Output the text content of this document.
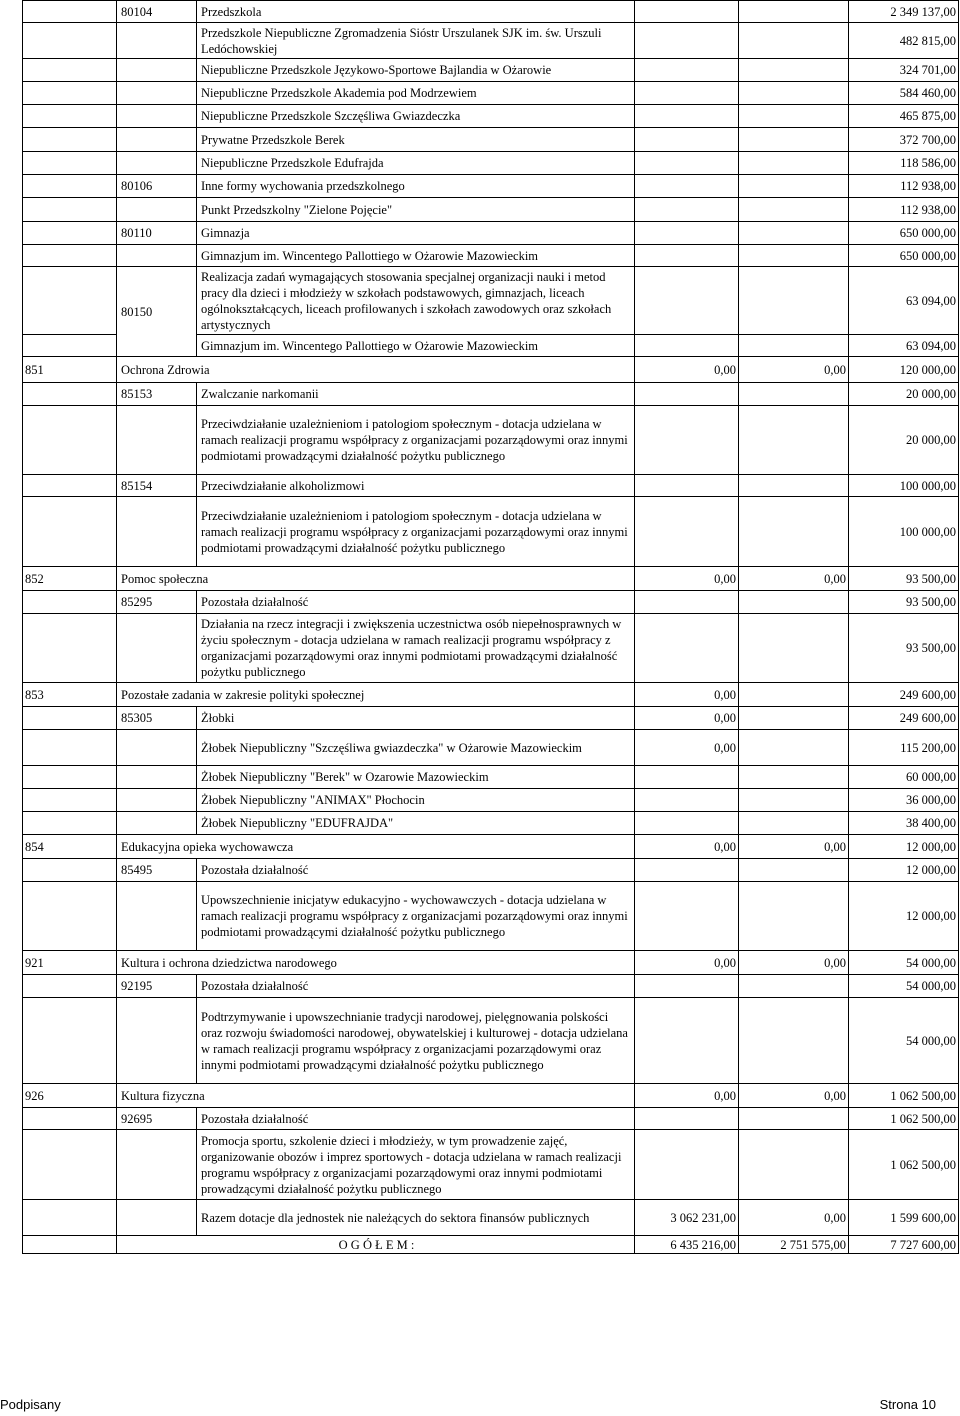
	80104	Przedszkola			2 349 137,00
		Przedszkole Niepubliczne Zgromadzenia Sióstr Urszulanek SJK im. św. Urszuli Ledóchowskiej			482 815,00
		Niepubliczne Przedszkole Językowo-Sportowe Bajlandia w Ożarowie			324 701,00
		Niepubliczne Przedszkole Akademia pod Modrzewiem			584 460,00
		Niepubliczne Przedszkole Szczęśliwa Gwiazdeczka			465 875,00
		Prywatne Przedszkole Berek			372 700,00
		Niepubliczne Przedszkole Edufrajda			118 586,00
	80106	Inne formy wychowania przedszkolnego			112 938,00
		Punkt Przedszkolny "Zielone Pojęcie"			112 938,00
	80110	Gimnazja			650 000,00
		Gimnazjum im. Wincentego Pallottiego w Ożarowie Mazowieckim			650 000,00
	80150	Realizacja zadań wymagających stosowania specjalnej organizacji nauki i metod pracy dla dzieci i młodzieży w szkołach podstawowych, gimnazjach, liceach ogólnokształcących, liceach profilowanych i szkołach zawodowych oraz szkołach artystycznych			63 094,00
		Gimnazjum im. Wincentego Pallottiego w Ożarowie Mazowieckim			63 094,00
851	Ochrona Zdrowia		0,00	0,00	120 000,00
	85153	Zwalczanie narkomanii			20 000,00
		Przeciwdziałanie uzależnieniom i patologiom społecznym - dotacja udzielana w ramach realizacji programu współpracy z organizacjami pozarządowymi oraz innymi podmiotami prowadzącymi działalność pożytku publicznego			20 000,00
	85154	Przeciwdziałanie alkoholizmowi			100 000,00
		Przeciwdziałanie uzależnieniom i patologiom społecznym - dotacja udzielana w ramach realizacji programu współpracy z organizacjami pozarządowymi oraz innymi podmiotami prowadzącymi działalność pożytku publicznego			100 000,00
852	Pomoc społeczna		0,00	0,00	93 500,00
	85295	Pozostała działalność			93 500,00
		Działania na rzecz integracji i zwiększenia uczestnictwa osób niepełnosprawnych w życiu społecznym - dotacja udzielana w ramach realizacji programu współpracy z organizacjami pozarządowymi oraz innymi podmiotami prowadzącymi działalność pożytku publicznego			93 500,00
853	Pozostałe zadania w zakresie polityki społecznej		0,00		249 600,00
	85305	Żłobki	0,00		249 600,00
		Żłobek Niepubliczny "Szczęśliwa gwiazdeczka" w Ożarowie Mazowieckim	0,00		115 200,00
		Żłobek Niepubliczny "Berek" w Ozarowie Mazowieckim			60 000,00
		Żłobek Niepubliczny "ANIMAX" Płochocin			36 000,00
		Żłobek Niepubliczny "EDUFRAJDA"			38 400,00
854	Edukacyjna opieka wychowawcza		0,00	0,00	12 000,00
	85495	Pozostała działalność			12 000,00
		Upowszechnienie inicjatyw edukacyjno - wychowawczych - dotacja udzielana w ramach realizacji programu współpracy z organizacjami pozarządowymi oraz innymi podmiotami prowadzącymi działalność pożytku publicznego			12 000,00
921	Kultura i ochrona dziedzictwa narodowego		0,00	0,00	54 000,00
	92195	Pozostała działalność			54 000,00
		Podtrzymywanie i upowszechnianie tradycji narodowej, pielęgnowania polskości oraz rozwoju świadomości narodowej, obywatelskiej i kulturowej - dotacja udzielana w ramach realizacji programu współpracy z organizacjami pozarządowymi oraz innymi podmiotami prowadzącymi działalność pożytku publicznego			54 000,00
926	Kultura fizyczna		0,00	0,00	1 062 500,00
	92695	Pozostała działalność			1 062 500,00
		Promocja sportu, szkolenie dzieci i młodzieży, w tym prowadzenie zajęć, organizowanie obozów i imprez sportowych - dotacja udzielana w ramach realizacji programu współpracy z organizacjami pozarządowymi oraz innymi podmiotami prowadzącymi działalność pożytku publicznego			1 062 500,00
		Razem dotacje dla jednostek nie należących do sektora finansów publicznych	3 062 231,00	0,00	1 599 600,00
	O G Ó Ł E M :		6 435 216,00	2 751 575,00	7 727 600,00
Podpisany	Strona 10
